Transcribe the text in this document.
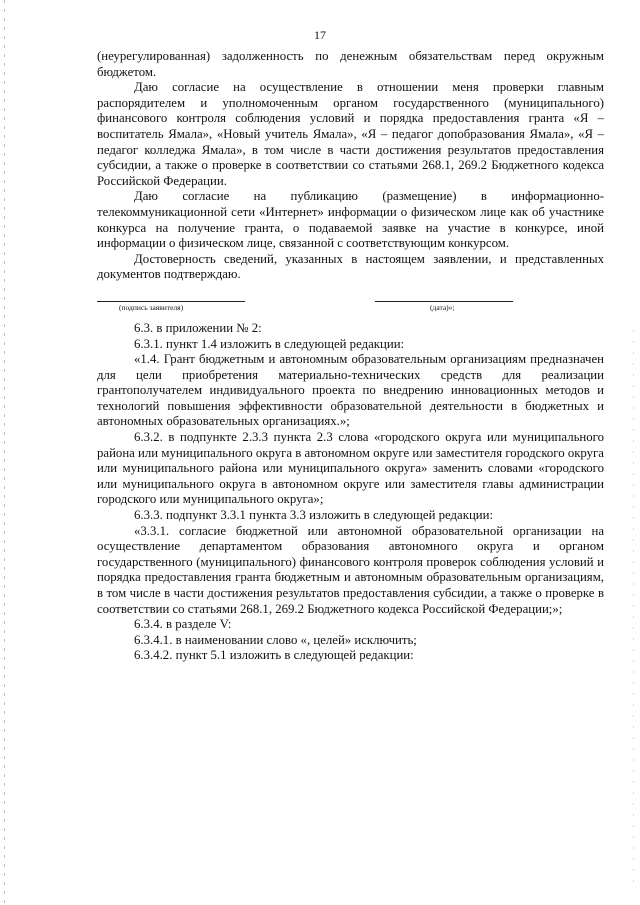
17

(неурегулированная) задолженность по денежным обязательствам перед окружным бюджетом.

Даю согласие на осуществление в отношении меня проверки главным распорядителем и уполномоченным органом государственного (муниципального) финансового контроля соблюдения условий и порядка предоставления гранта «Я – воспитатель Ямала», «Новый учитель Ямала», «Я – педагог допобразования Ямала», «Я – педагог колледжа Ямала», в том числе в части достижения результатов предоставления субсидии, а также о проверке в соответствии со статьями 268.1, 269.2 Бюджетного кодекса Российской Федерации.

Даю согласие на публикацию (размещение) в информационно-телекоммуникационной сети «Интернет» информации о физическом лице как об участнике конкурса на получение гранта, о подаваемой заявке на участие в конкурсе, иной информации о физическом лице, связанной с соответствующим конкурсом.

Достоверность сведений, указанных в настоящем заявлении, и представленных документов подтверждаю.

(подпись заявителя)	(дата)»;

6.3. в приложении № 2:

6.3.1. пункт 1.4 изложить в следующей редакции:

«1.4. Грант бюджетным и автономным образовательным организациям предназначен для цели приобретения материально-технических средств для реализации грантополучателем индивидуального проекта по внедрению инновационных методов и технологий повышения эффективности образовательной деятельности в бюджетных и автономных образовательных организациях.»;

6.3.2. в подпункте 2.3.3 пункта 2.3 слова «городского округа или муниципального района или муниципального округа в автономном округе или заместителя городского округа или муниципального района или муниципального округа» заменить словами «городского или муниципального округа в автономном округе или заместителя главы администрации городского или муниципального округа»;

6.3.3. подпункт 3.3.1 пункта 3.3 изложить в следующей редакции:

«3.3.1. согласие бюджетной или автономной образовательной организации на осуществление департаментом образования автономного округа и органом государственного (муниципального) финансового контроля проверок соблюдения условий и порядка предоставления гранта бюджетным и автономным образовательным организациям, в том числе в части достижения результатов предоставления субсидии, а также о проверке в соответствии со статьями 268.1, 269.2 Бюджетного кодекса Российской Федерации;»;

6.3.4. в разделе V:

6.3.4.1. в наименовании слово «, целей» исключить;

6.3.4.2. пункт 5.1 изложить в следующей редакции:
